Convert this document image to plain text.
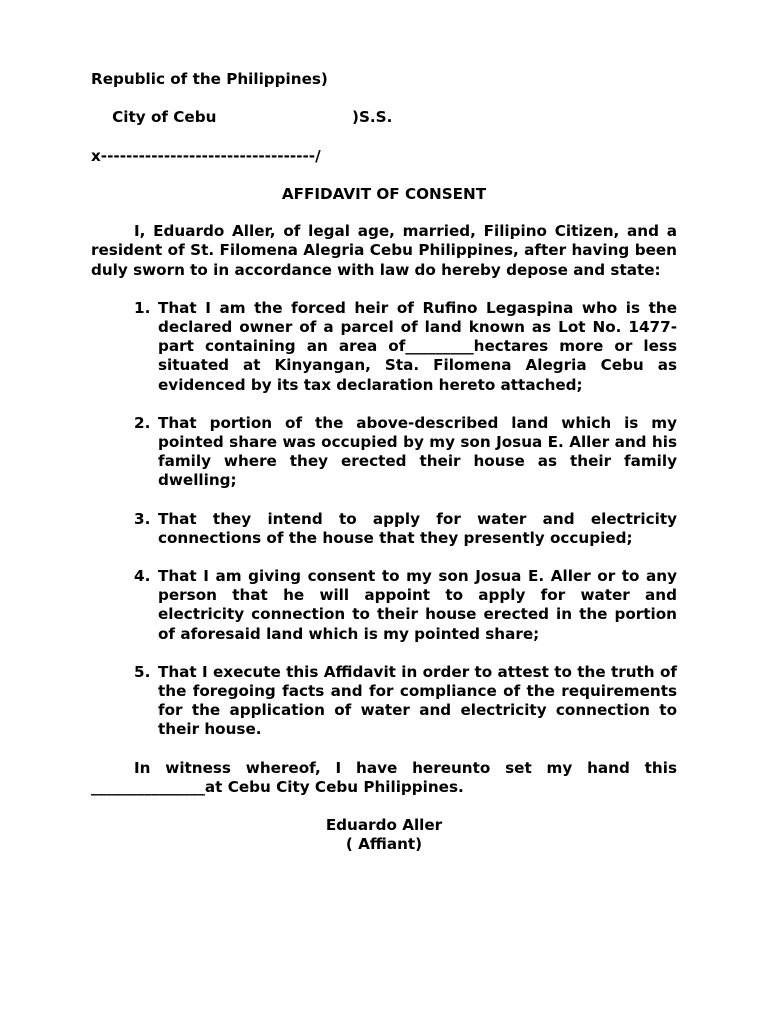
Republic of the Philippines)

City of Cebu	)S.S.

x----------------------------------/
AFFIDAVIT OF CONSENT

I, Eduardo Aller, of legal age, married, Filipino Citizen, and a resident of St. Filomena Alegria Cebu Philippines, after having been duly sworn to in accordance with law do hereby depose and state:

1. That I am the forced heir of Rufino Legaspina who is the declared owner of a parcel of land known as Lot No. 1477-part containing an area of_________hectares more or less situated at Kinyangan, Sta. Filomena Alegria Cebu as evidenced by its tax declaration hereto attached;
2. That portion of the above-described land which is my pointed share was occupied by my son Josua E. Aller and his family where they erected their house as their family dwelling;
3. That they intend to apply for water and electricity connections of the house that they presently occupied;
4. That I am giving consent to my son Josua E. Aller or to any person that he will appoint to apply for water and electricity connection to their house erected in the portion of aforesaid land which is my pointed share;
5. That I execute this Affidavit in order to attest to the truth of the foregoing facts and for compliance of the requirements for the application of water and electricity connection to their house.

In witness whereof, I have hereunto set my hand this _______________at Cebu City Cebu Philippines.

Eduardo Aller
( Affiant)
